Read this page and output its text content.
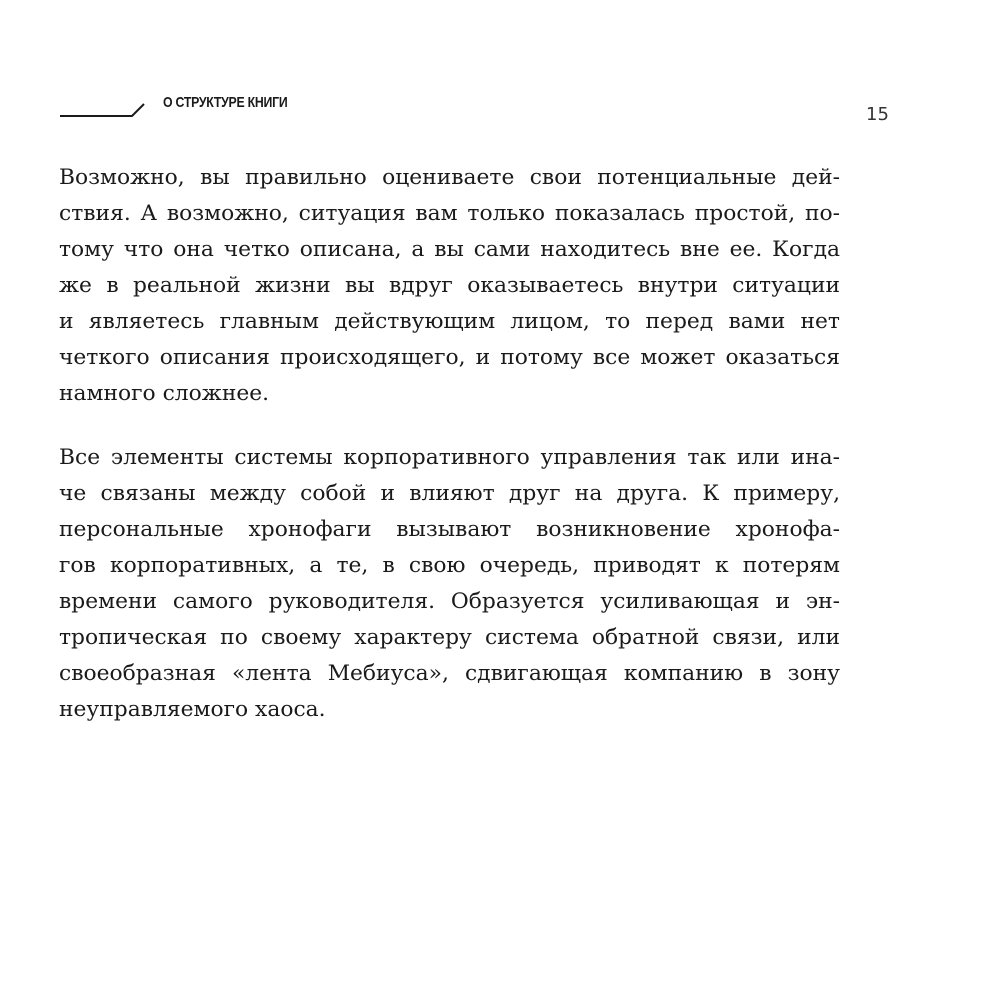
О СТРУКТУРЕ КНИГИ
15
Возможно, вы правильно оцениваете свои потенциальные дей-
ствия. А возможно, ситуация вам только показалась простой, по-
тому что она четко описана, а вы сами находитесь вне ее. Когда
же в реальной жизни вы вдруг оказываетесь внутри ситуации
и являетесь главным действующим лицом, то перед вами нет
четкого описания происходящего, и потому все может оказаться
намного сложнее.
Все элементы системы корпоративного управления так или ина-
че связаны между собой и влияют друг на друга. К примеру,
персональные хронофаги вызывают возникновение хронофа-
гов корпоративных, а те, в свою очередь, приводят к потерям
времени самого руководителя. Образуется усиливающая и эн-
тропическая по своему характеру система обратной связи, или
своеобразная «лента Мебиуса», сдвигающая компанию в зону
неуправляемого хаоса.
